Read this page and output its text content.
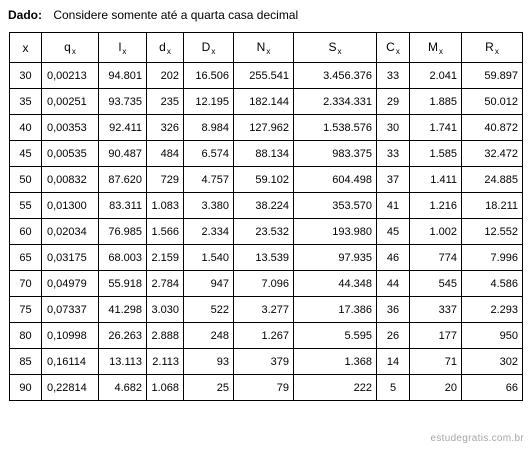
Dado: Considere somente até a quarta casa decimal
x	$q_x$	$l_x$	$d_x$	$D_x$	$N_x$	$S_x$	$C_x$	$M_x$	$R_x$
30	0,00213	94.801	202	16.506	255.541	3.456.376	33	2.041	59.897
35	0,00251	93.735	235	12.195	182.144	2.334.331	29	1.885	50.012
40	0,00353	92.411	326	8.984	127.962	1.538.576	30	1.741	40.872
45	0,00535	90.487	484	6.574	88.134	983.375	33	1.585	32.472
50	0,00832	87.620	729	4.757	59.102	604.498	37	1.411	24.885
55	0,01300	83.311	1.083	3.380	38.224	353.570	41	1.216	18.211
60	0,02034	76.985	1.566	2.334	23.532	193.980	45	1.002	12.552
65	0,03175	68.003	2.159	1.540	13.539	97.935	46	774	7.996
70	0,04979	55.918	2.784	947	7.096	44.348	44	545	4.586
75	0,07337	41.298	3.030	522	3.277	17.386	36	337	2.293
80	0,10998	26.263	2.888	248	1.267	5.595	26	177	950
85	0,16114	13.113	2.113	93	379	1.368	14	71	302
90	0,22814	4.682	1.068	25	79	222	5	20	66
estudegratis.com.br
